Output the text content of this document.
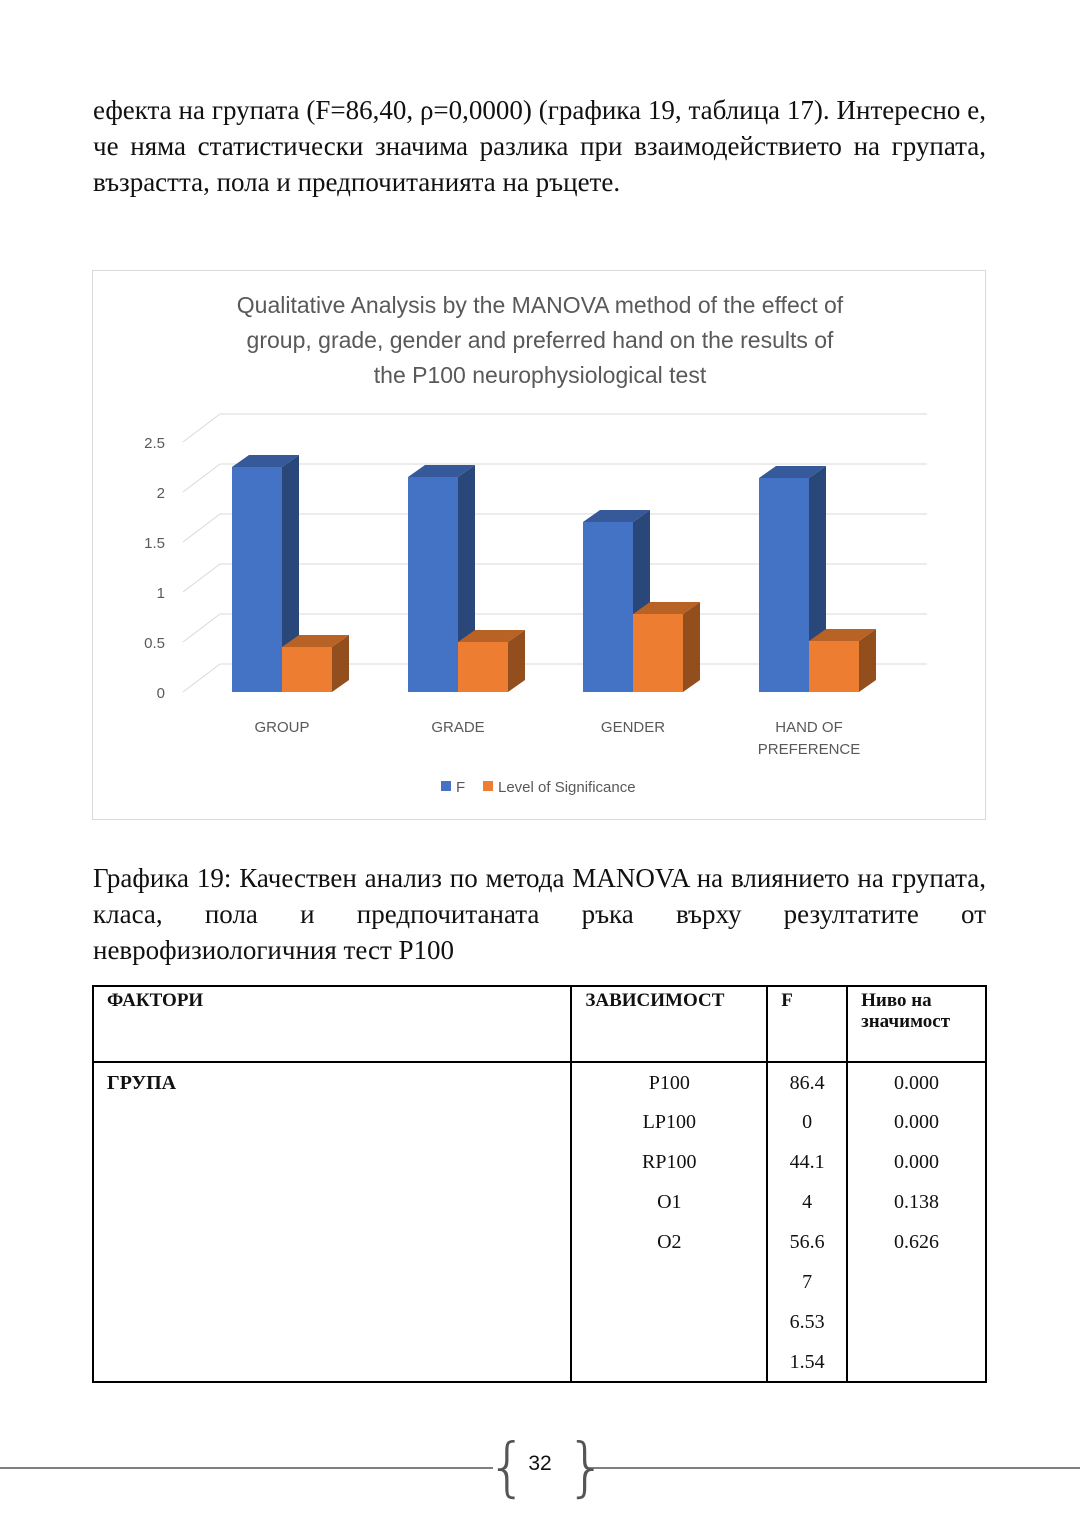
ефекта на групата (F=86,40, ρ=0,0000) (графика 19, таблица 17). Интересно е, че няма статистически значима разлика при взаимодействието на групата, възрастта, пола и предпочитанията на ръцете.

Qualitative Analysis by the MANOVA method of the effect of
group, grade, gender and preferred hand on the results of
the P100 neurophysiological test
0
0.5
1
1.5
2
2.5
GROUP	GRADE	GENDER	HAND OF
PREFERENCE
F Level of Significance

Графика 19: Качествен анализ по метода MANOVA на влиянието на групата, класа, пола и предпочитаната ръка върху резултатите от неврофизиологичния тест Р100

ФАКТОРИ	ЗАВИСИМОСТ	F	Ниво на значимост
ГРУПА	P100	86.4	0.000
	LP100	0	0.000
	RP100	44.1	0.000
	O1	4	0.138
	O2	56.6	0.626
		7	
		6.53	
		1.54	
{ }
32
